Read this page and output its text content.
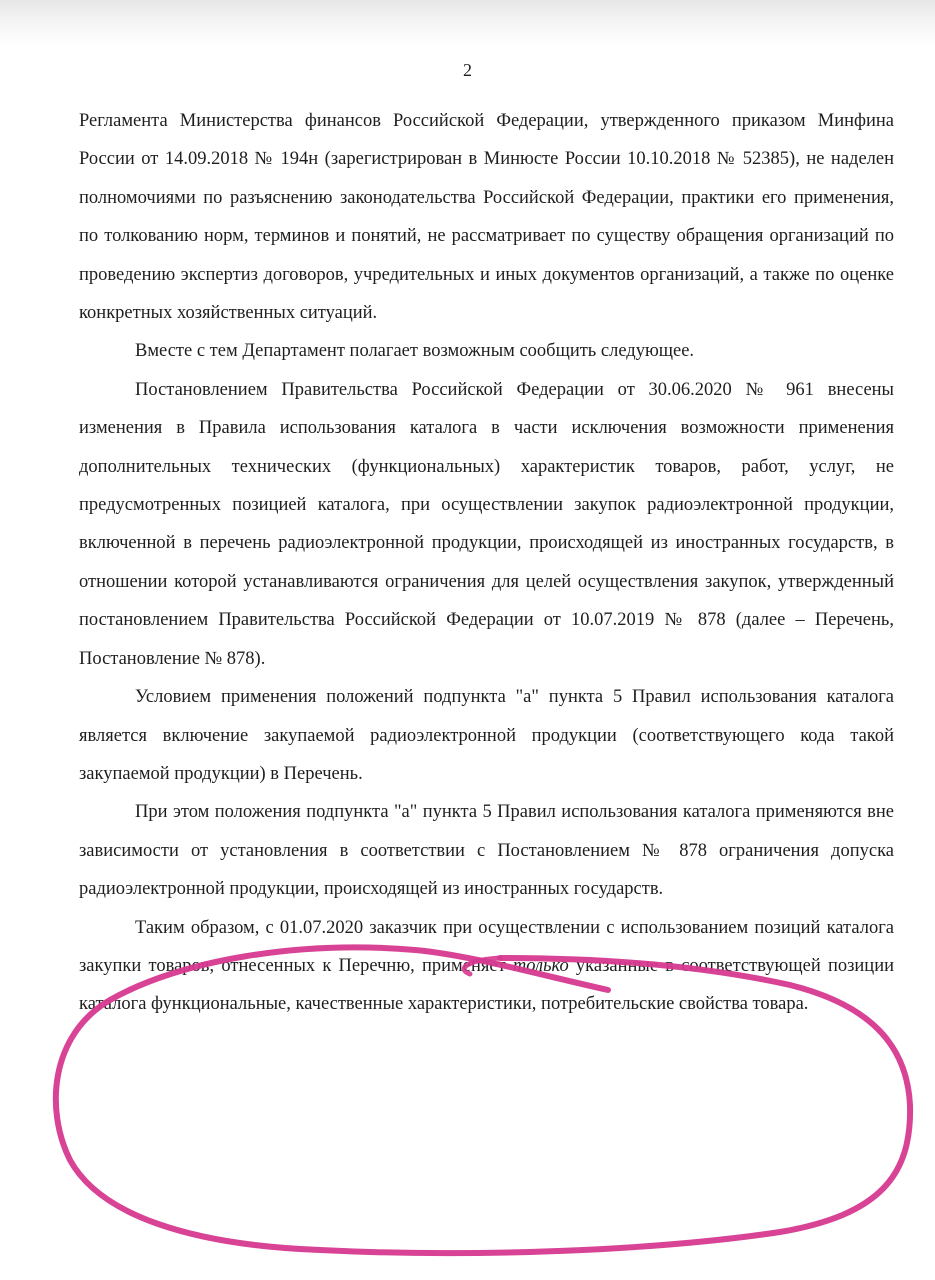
2

Регламента Министерства финансов Российской Федерации, утвержденного приказом Минфина России от 14.09.2018 № 194н (зарегистрирован в Минюсте России 10.10.2018 № 52385), не наделен полномочиями по разъяснению законодательства Российской Федерации, практики его применения, по толкованию норм, терминов и понятий, не рассматривает по существу обращения организаций по проведению экспертиз договоров, учредительных и иных документов организаций, а также по оценке конкретных хозяйственных ситуаций.

Вместе с тем Департамент полагает возможным сообщить следующее.

Постановлением Правительства Российской Федерации от 30.06.2020 № 961 внесены изменения в Правила использования каталога в части исключения возможности применения дополнительных технических (функциональных) характеристик товаров, работ, услуг, не предусмотренных позицией каталога, при осуществлении закупок радиоэлектронной продукции, включенной в перечень радиоэлектронной продукции, происходящей из иностранных государств, в отношении которой устанавливаются ограничения для целей осуществления закупок, утвержденный постановлением Правительства Российской Федерации от 10.07.2019 № 878 (далее – Перечень, Постановление № 878).

Условием применения положений подпункта "а" пункта 5 Правил использования каталога является включение закупаемой радиоэлектронной продукции (соответствующего кода такой закупаемой продукции) в Перечень.

При этом положения подпункта "а" пункта 5 Правил использования каталога применяются вне зависимости от установления в соответствии с Постановлением № 878 ограничения допуска радиоэлектронной продукции, происходящей из иностранных государств.

Таким образом, с 01.07.2020 заказчик при осуществлении с использованием позиций каталога закупки товаров, отнесенных к Перечню, применяет только указанные в соответствующей позиции каталога функциональные, качественные характеристики, потребительские свойства товара.
